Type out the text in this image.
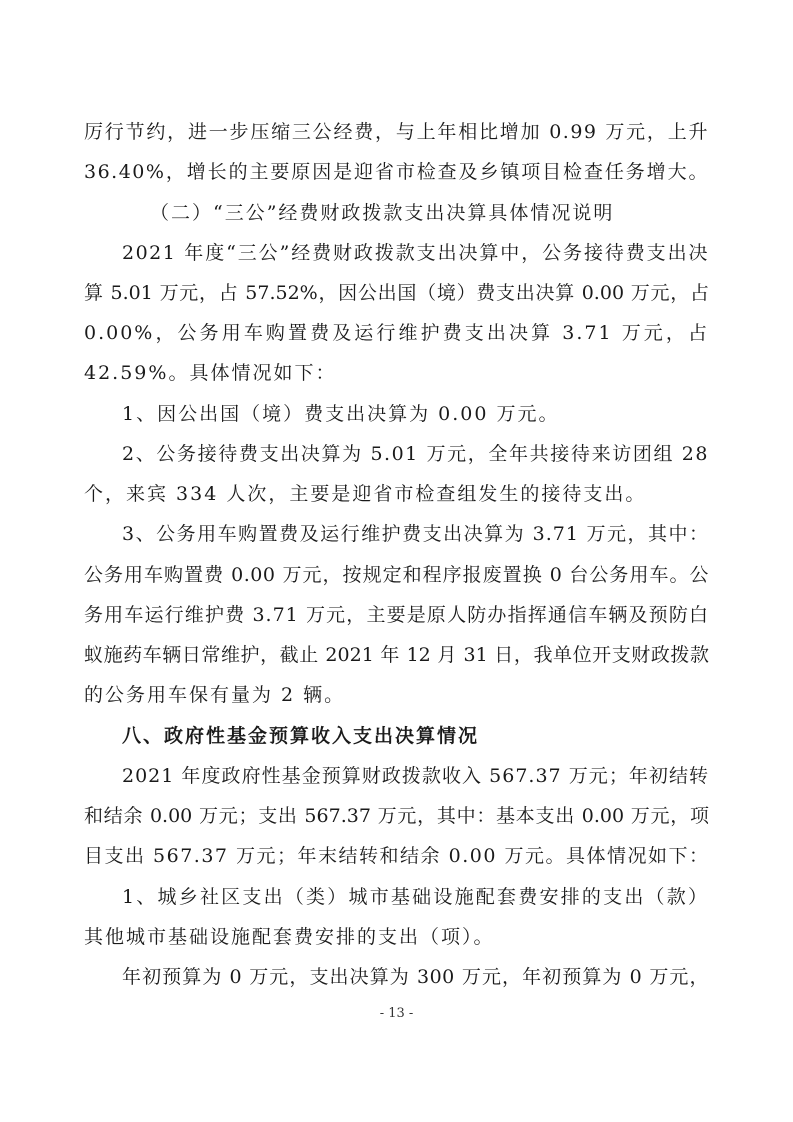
厉行节约，进一步压缩三公经费，与上年相比增加 0.99 万元，上升
36.40%，增长的主要原因是迎省市检查及乡镇项目检查任务增大。
（二）“三公”经费财政拨款支出决算具体情况说明
2021 年度“三公”经费财政拨款支出决算中，公务接待费支出决
算 5.01 万元，占 57.52%，因公出国（境）费支出决算 0.00 万元，占
0.00%，公务用车购置费及运行维护费支出决算 3.71 万元，占
42.59%。具体情况如下：
1、因公出国（境）费支出决算为 0.00 万元。
2、公务接待费支出决算为 5.01 万元，全年共接待来访团组 28
个，来宾 334 人次，主要是迎省市检查组发生的接待支出。
3、公务用车购置费及运行维护费支出决算为 3.71 万元，其中：
公务用车购置费 0.00 万元，按规定和程序报废置换 0 台公务用车。公
务用车运行维护费 3.71 万元，主要是原人防办指挥通信车辆及预防白
蚁施药车辆日常维护，截止 2021 年 12 月 31 日，我单位开支财政拨款
的公务用车保有量为 2 辆。
八、政府性基金预算收入支出决算情况
2021 年度政府性基金预算财政拨款收入 567.37 万元；年初结转
和结余 0.00 万元；支出 567.37 万元，其中：基本支出 0.00 万元，项
目支出 567.37 万元；年末结转和结余 0.00 万元。具体情况如下：
1、城乡社区支出（类）城市基础设施配套费安排的支出（款）
其他城市基础设施配套费安排的支出（项）。
年初预算为 0 万元，支出决算为 300 万元，年初预算为 0 万元，
- 13 -
